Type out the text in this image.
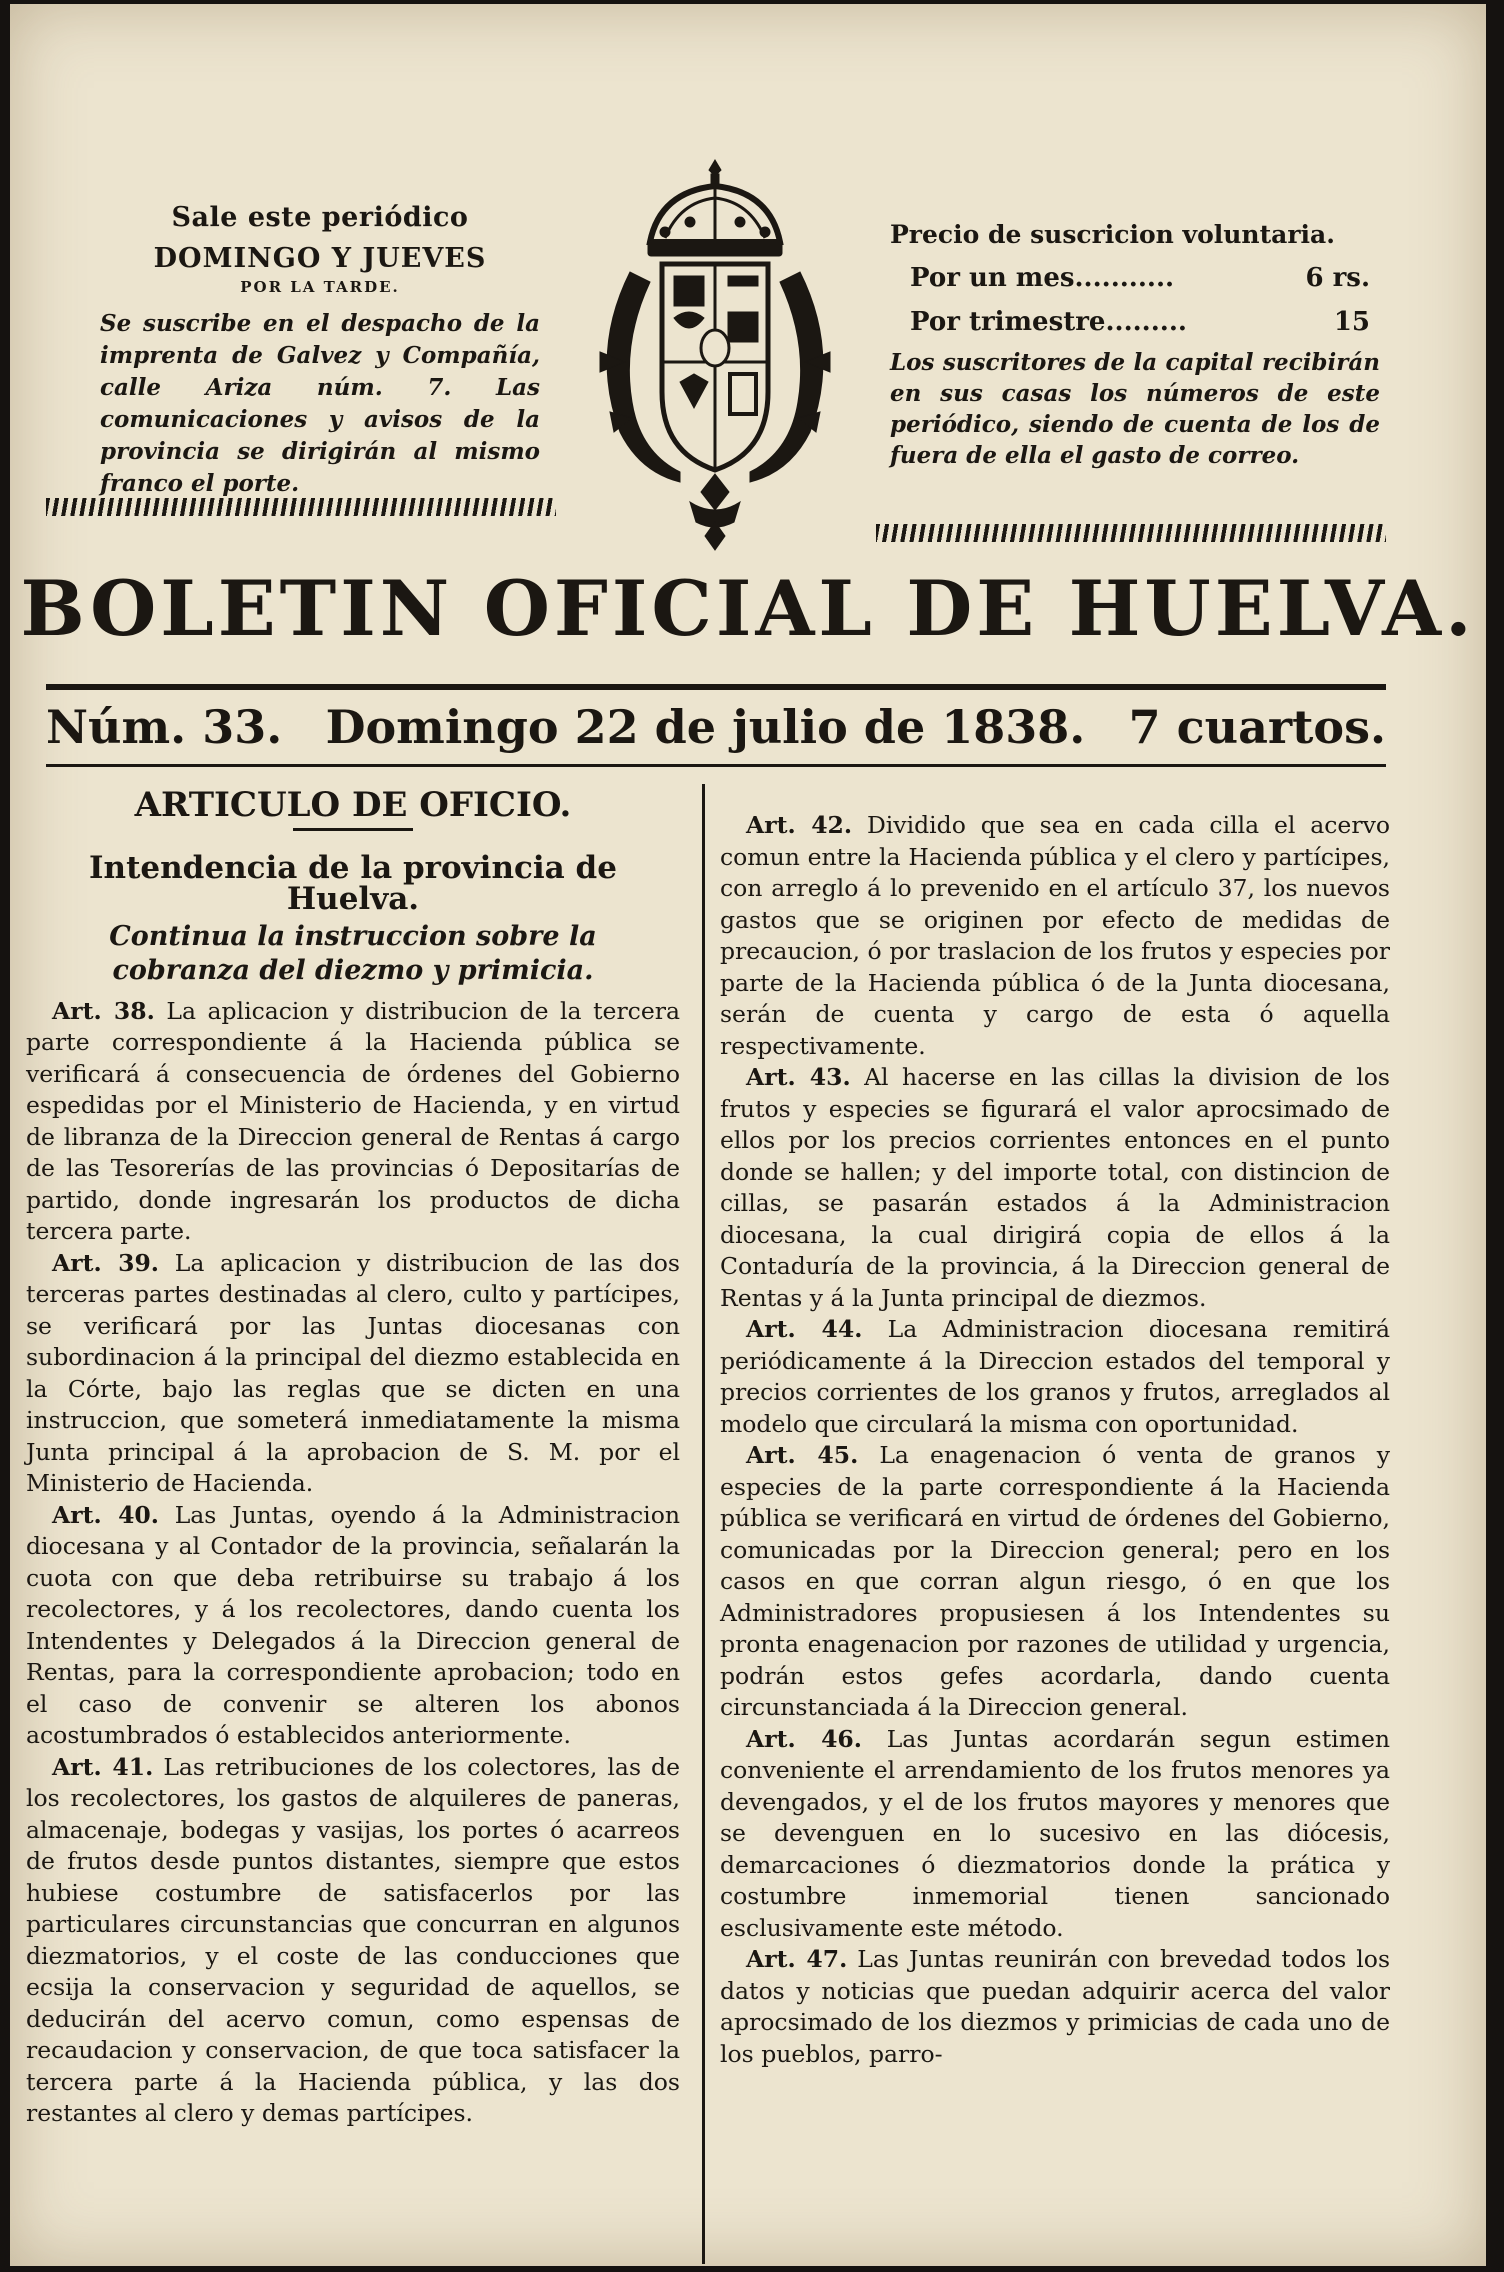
Sale este periódico
DOMINGO Y JUEVES
POR LA TARDE.
Se suscribe en el despacho de la imprenta de Galvez y Compañía, calle Ariza núm. 7. Las comunicaciones y avisos de la provincia se dirigirán al mismo franco el porte.
Precio de suscricion voluntaria.
Por un mes...........	6 rs.
Por trimestre.........	15
Los suscritores de la capital recibirán en sus casas los números de este periódico, siendo de cuenta de los de fuera de ella el gasto de correo.
BOLETIN OFICIAL DE HUELVA.
Núm. 33. Domingo 22 de julio de 1838. 7 cuartos.
ARTICULO DE OFICIO.
Intendencia de la provincia de Huelva.
Continua la instruccion sobre la cobranza del diezmo y primicia.

Art. 38. La aplicacion y distribucion de la tercera parte correspondiente á la Hacienda pública se verificará á consecuencia de órdenes del Gobierno espedidas por el Ministerio de Hacienda, y en virtud de libranza de la Direccion general de Rentas á cargo de las Tesorerías de las provincias ó Depositarías de partido, donde ingresarán los productos de dicha tercera parte.

Art. 39. La aplicacion y distribucion de las dos terceras partes destinadas al clero, culto y partícipes, se verificará por las Juntas diocesanas con subordinacion á la principal del diezmo establecida en la Córte, bajo las reglas que se dicten en una instruccion, que someterá inmediatamente la misma Junta principal á la aprobacion de S. M. por el Ministerio de Hacienda.

Art. 40. Las Juntas, oyendo á la Administracion diocesana y al Contador de la provincia, señalarán la cuota con que deba retribuirse su trabajo á los recolectores, y á los recolectores, dando cuenta los Intendentes y Delegados á la Direccion general de Rentas, para la correspondiente aprobacion; todo en el caso de convenir se alteren los abonos acostumbrados ó establecidos anteriormente.

Art. 41. Las retribuciones de los colectores, las de los recolectores, los gastos de alquileres de paneras, almacenaje, bodegas y vasijas, los portes ó acarreos de frutos desde puntos distantes, siempre que estos hubiese costumbre de satisfacerlos por las particulares circunstancias que concurran en algunos diezmatorios, y el coste de las conducciones que ecsija la conservacion y seguridad de aquellos, se deducirán del acervo comun, como espensas de recaudacion y conservacion, de que toca satisfacer la tercera parte á la Hacienda pública, y las dos restantes al clero y demas partícipes.

Art. 42. Dividido que sea en cada cilla el acervo comun entre la Hacienda pública y el clero y partícipes, con arreglo á lo prevenido en el artículo 37, los nuevos gastos que se originen por efecto de medidas de precaucion, ó por traslacion de los frutos y especies por parte de la Hacienda pública ó de la Junta diocesana, serán de cuenta y cargo de esta ó aquella respectivamente.

Art. 43. Al hacerse en las cillas la division de los frutos y especies se figurará el valor aprocsimado de ellos por los precios corrientes entonces en el punto donde se hallen; y del importe total, con distincion de cillas, se pasarán estados á la Administracion diocesana, la cual dirigirá copia de ellos á la Contaduría de la provincia, á la Direccion general de Rentas y á la Junta principal de diezmos.

Art. 44. La Administracion diocesana remitirá periódicamente á la Direccion estados del temporal y precios corrientes de los granos y frutos, arreglados al modelo que circulará la misma con oportunidad.

Art. 45. La enagenacion ó venta de granos y especies de la parte correspondiente á la Hacienda pública se verificará en virtud de órdenes del Gobierno, comunicadas por la Direccion general; pero en los casos en que corran algun riesgo, ó en que los Administradores propusiesen á los Intendentes su pronta enagenacion por razones de utilidad y urgencia, podrán estos gefes acordarla, dando cuenta circunstanciada á la Direccion general.

Art. 46. Las Juntas acordarán segun estimen conveniente el arrendamiento de los frutos menores ya devengados, y el de los frutos mayores y menores que se devenguen en lo sucesivo en las diócesis, demarcaciones ó diezmatorios donde la prática y costumbre inmemorial tienen sancionado esclusivamente este método.

Art. 47. Las Juntas reunirán con brevedad todos los datos y noticias que puedan adquirir acerca del valor aprocsimado de los diezmos y primicias de cada uno de los pueblos, parro-
